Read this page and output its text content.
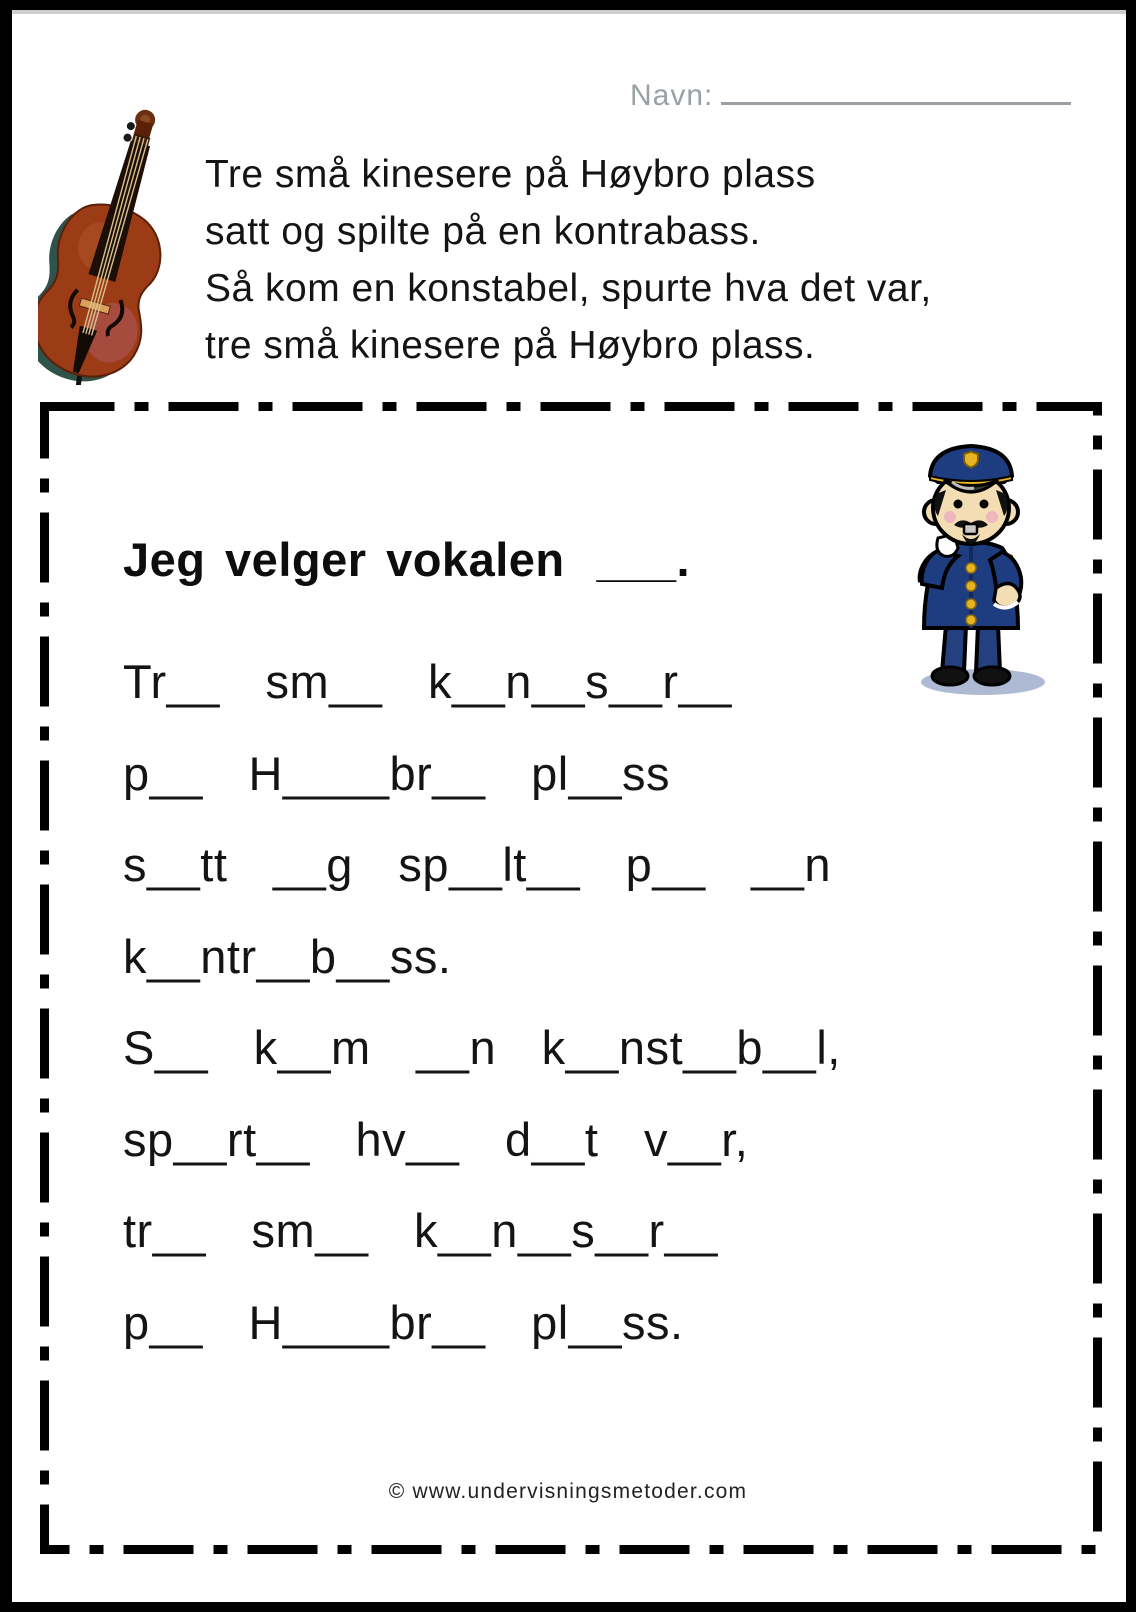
Navn:
Tre små kinesere på Høybro plass
satt og spilte på en kontrabass.
Så kom en konstabel, spurte hva det var,
tre små kinesere på Høybro plass.
Jeg velger vokalen ___.
Tr__ sm__ k__n__s__r__
p__ H____br__ pl__ss
s__tt __g sp__lt__ p__ __n
k__ntr__b__ss.
S__ k__m __n k__nst__b__l,
sp__rt__ hv__ d__t v__r,
tr__ sm__ k__n__s__r__
p__ H____br__ pl__ss.
© www.undervisningsmetoder.com
